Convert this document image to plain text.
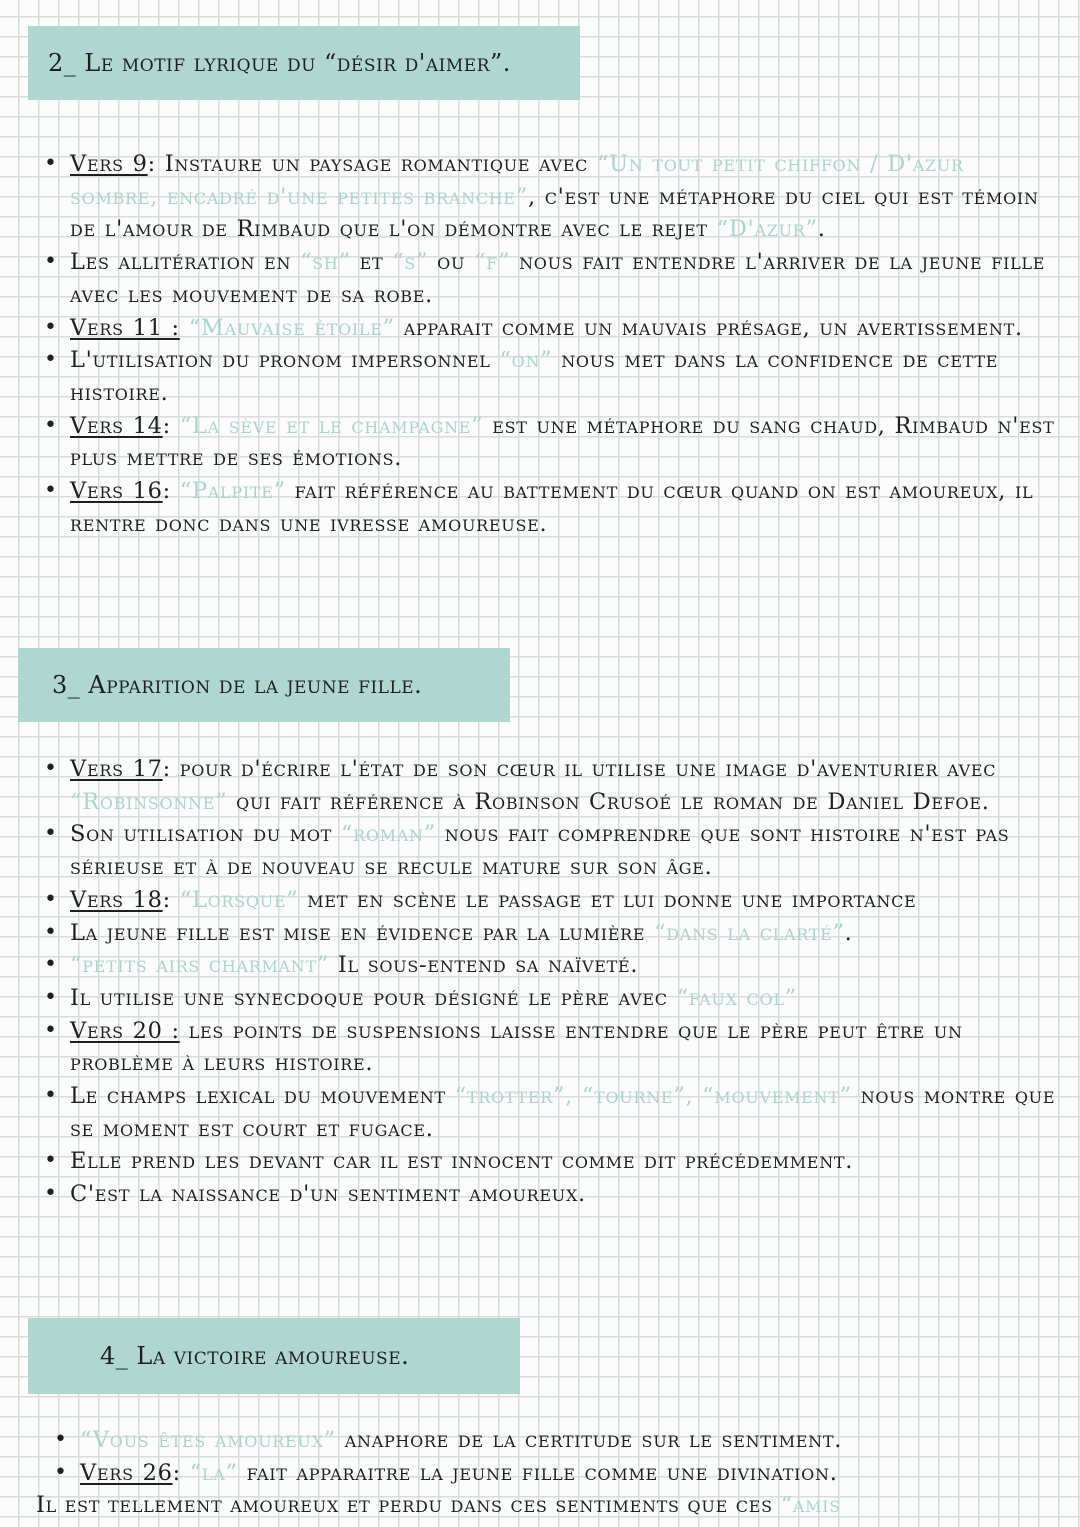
2_ Le motif lyrique du “désir d'aimer”.
• Vers 9: Instaure un paysage romantique avec “Un tout petit chiffon / D'azur sombre, encadré d'une petites branche”, c'est une métaphore du ciel qui est témoin de l'amour de Rimbaud que l'on démontre avec le rejet “D'azur”.
• Les allitération en “sh” et “s” ou “f” nous fait entendre l'arriver de la jeune fille avec les mouvement de sa robe.
• Vers 11 : “Mauvaise étoile” apparait comme un mauvais présage, un avertissement.
• L'utilisation du pronom impersonnel “on” nous met dans la confidence de cette histoire.
• Vers 14: “La sève et le champagne” est une métaphore du sang chaud, Rimbaud n'est plus mettre de ses émotions.
• Vers 16: “Palpite” fait référence au battement du cœur quand on est amoureux, il rentre donc dans une ivresse amoureuse.
3_ Apparition de la jeune fille.
• Vers 17: pour d'écrire l'état de son cœur il utilise une image d'aventurier avec “Robinsonne” qui fait référence à Robinson Crusoé le roman de Daniel Defoe.
• Son utilisation du mot “roman” nous fait comprendre que sont histoire n'est pas sérieuse et à de nouveau se recule mature sur son âge.
• Vers 18: “Lorsque” met en scène le passage et lui donne une importance
• La jeune fille est mise en évidence par la lumière “dans la clarté”.
• “petits airs charmant” Il sous-entend sa naïveté.
• Il utilise une synecdoque pour désigné le père avec “faux col”
• Vers 20 : les points de suspensions laisse entendre que le père peut être un problème à leurs histoire.
• Le champs lexical du mouvement “trotter”, “tourne”, “mouvement” nous montre que se moment est court et fugace.
• Elle prend les devant car il est innocent comme dit précédemment.
• C'est la naissance d'un sentiment amoureux.
4_ La victoire amoureuse.
• “Vous êtes amoureux” anaphore de la certitude sur le sentiment.
• Vers 26: “la” fait apparaitre la jeune fille comme une divination.
Il est tellement amoureux et perdu dans ces sentiments que ces “amis
